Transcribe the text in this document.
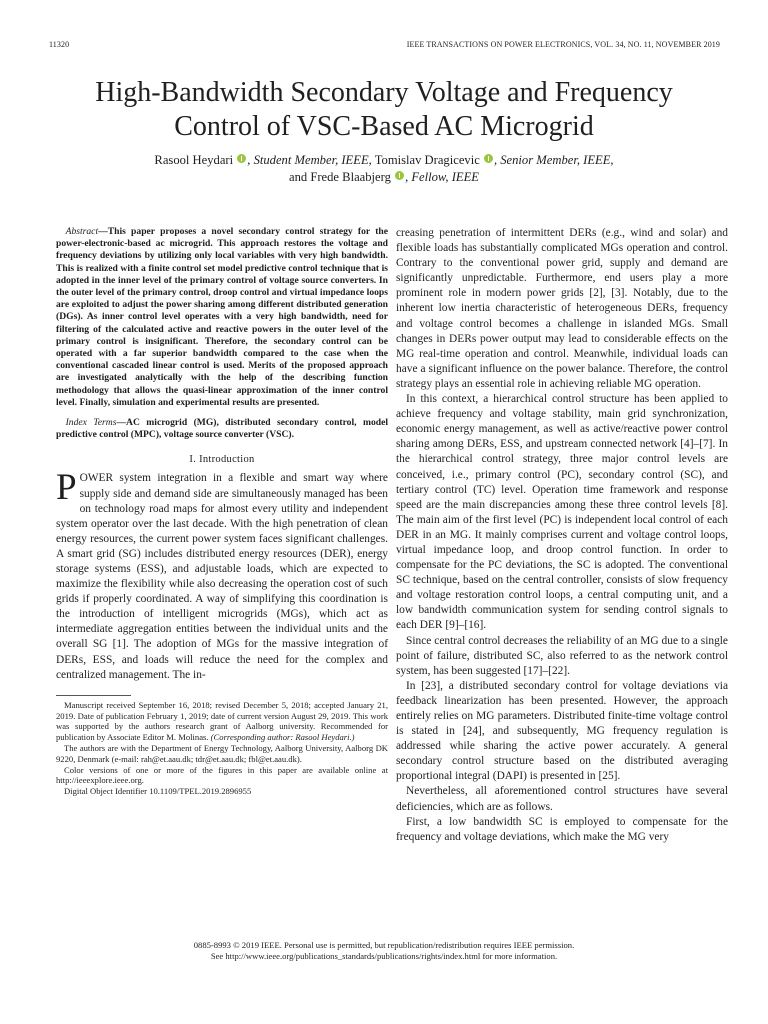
11320	IEEE TRANSACTIONS ON POWER ELECTRONICS, VOL. 34, NO. 11, NOVEMBER 2019
High-Bandwidth Secondary Voltage and Frequency
Control of VSC-Based AC Microgrid
Rasool Heydari , Student Member, IEEE, Tomislav Dragicevic , Senior Member, IEEE,
and Frede Blaabjerg , Fellow, IEEE

 Abstract—This paper proposes a novel secondary control strategy for the power-electronic-based ac microgrid. This approach restores the voltage and frequency deviations by utilizing only local variables with very high bandwidth. This is realized with a finite control set model predictive control technique that is adopted in the inner level of the primary control of voltage source converters. In the outer level of the primary control, droop control and virtual impedance loops are exploited to adjust the power sharing among different distributed generation (DGs). As inner control level operates with a very high bandwidth, need for filtering of the calculated active and reactive powers in the outer level of the primary control is insignificant. Therefore, the secondary control can be operated with a far superior bandwidth compared to the case when the conventional cascaded linear control is used. Merits of the proposed approach are investigated analytically with the help of the describing function methodology that allows the quasi-linear approximation of the inner control level. Finally, simulation and experimental results are presented.

 Index Terms—AC microgrid (MG), distributed secondary control, model predictive control (MPC), voltage source converter (VSC).

I. Introduction

POWER system integration in a flexible and smart way where supply side and demand side are simultaneously managed has been on technology road maps for almost every utility and independent system operator over the last decade. With the high penetration of clean energy resources, the current power system faces significant challenges. A smart grid (SG) includes distributed energy resources (DER), energy storage systems (ESS), and adjustable loads, which are expected to maximize the flexibility while also decreasing the operation cost of such grids if properly coordinated. A way of simplifying this coordination is the introduction of intelligent microgrids (MGs), which act as intermediate aggregation entities between the individual units and the overall SG [1]. The adoption of MGs for the massive integration of DERs, ESS, and loads will reduce the need for the complex and centralized management. The in-

Manuscript received September 16, 2018; revised December 5, 2018; accepted January 21, 2019. Date of publication February 1, 2019; date of current version August 29, 2019. This work was supported by the authors research grant of Aalborg university. Recommended for publication by Associate Editor M. Molinas. (Corresponding author: Rasool Heydari.)

The authors are with the Department of Energy Technology, Aalborg University, Aalborg DK 9220, Denmark (e-mail: rah@et.aau.dk; tdr@et.aau.dk; fbl@et.aau.dk).

Color versions of one or more of the figures in this paper are available online at http://ieeexplore.ieee.org.

Digital Object Identifier 10.1109/TPEL.2019.2896955

creasing penetration of intermittent DERs (e.g., wind and solar) and flexible loads has substantially complicated MGs operation and control. Contrary to the conventional power grid, supply and demand are significantly unpredictable. Furthermore, end users play a more prominent role in modern power grids [2], [3]. Notably, due to the inherent low inertia characteristic of heterogeneous DERs, frequency and voltage control becomes a challenge in islanded MGs. Small changes in DERs power output may lead to considerable effects on the MG real-time operation and control. Meanwhile, individual loads can have a significant influence on the power balance. Therefore, the control strategy plays an essential role in achieving reliable MG operation.

In this context, a hierarchical control structure has been applied to achieve frequency and voltage stability, main grid synchronization, economic energy management, as well as active/reactive power control sharing among DERs, ESS, and upstream connected network [4]–[7]. In the hierarchical control strategy, three major control levels are conceived, i.e., primary control (PC), secondary control (SC), and tertiary control (TC) level. Operation time framework and response speed are the main discrepancies among these three control levels [8]. The main aim of the first level (PC) is independent local control of each DER in an MG. It mainly comprises current and voltage control loops, virtual impedance loop, and droop control function. In order to compensate for the PC deviations, the SC is adopted. The conventional SC technique, based on the central controller, consists of slow frequency and voltage restoration control loops, a central computing unit, and a low bandwidth communication system for sending control signals to each DER [9]–[16].

Since central control decreases the reliability of an MG due to a single point of failure, distributed SC, also referred to as the network control system, has been suggested [17]–[22].

In [23], a distributed secondary control for voltage deviations via feedback linearization has been presented. However, the approach entirely relies on MG parameters. Distributed finite-time voltage control is stated in [24], and subsequently, MG frequency regulation is addressed while sharing the active power accurately. A general secondary control structure based on the distributed averaging proportional integral (DAPI) is presented in [25].

Nevertheless, all aforementioned control structures have several deficiencies, which are as follows.

First, a low bandwidth SC is employed to compensate for the frequency and voltage deviations, which make the MG very

0885-8993 © 2019 IEEE. Personal use is permitted, but republication/redistribution requires IEEE permission.
See http://www.ieee.org/publications_standards/publications/rights/index.html for more information.
